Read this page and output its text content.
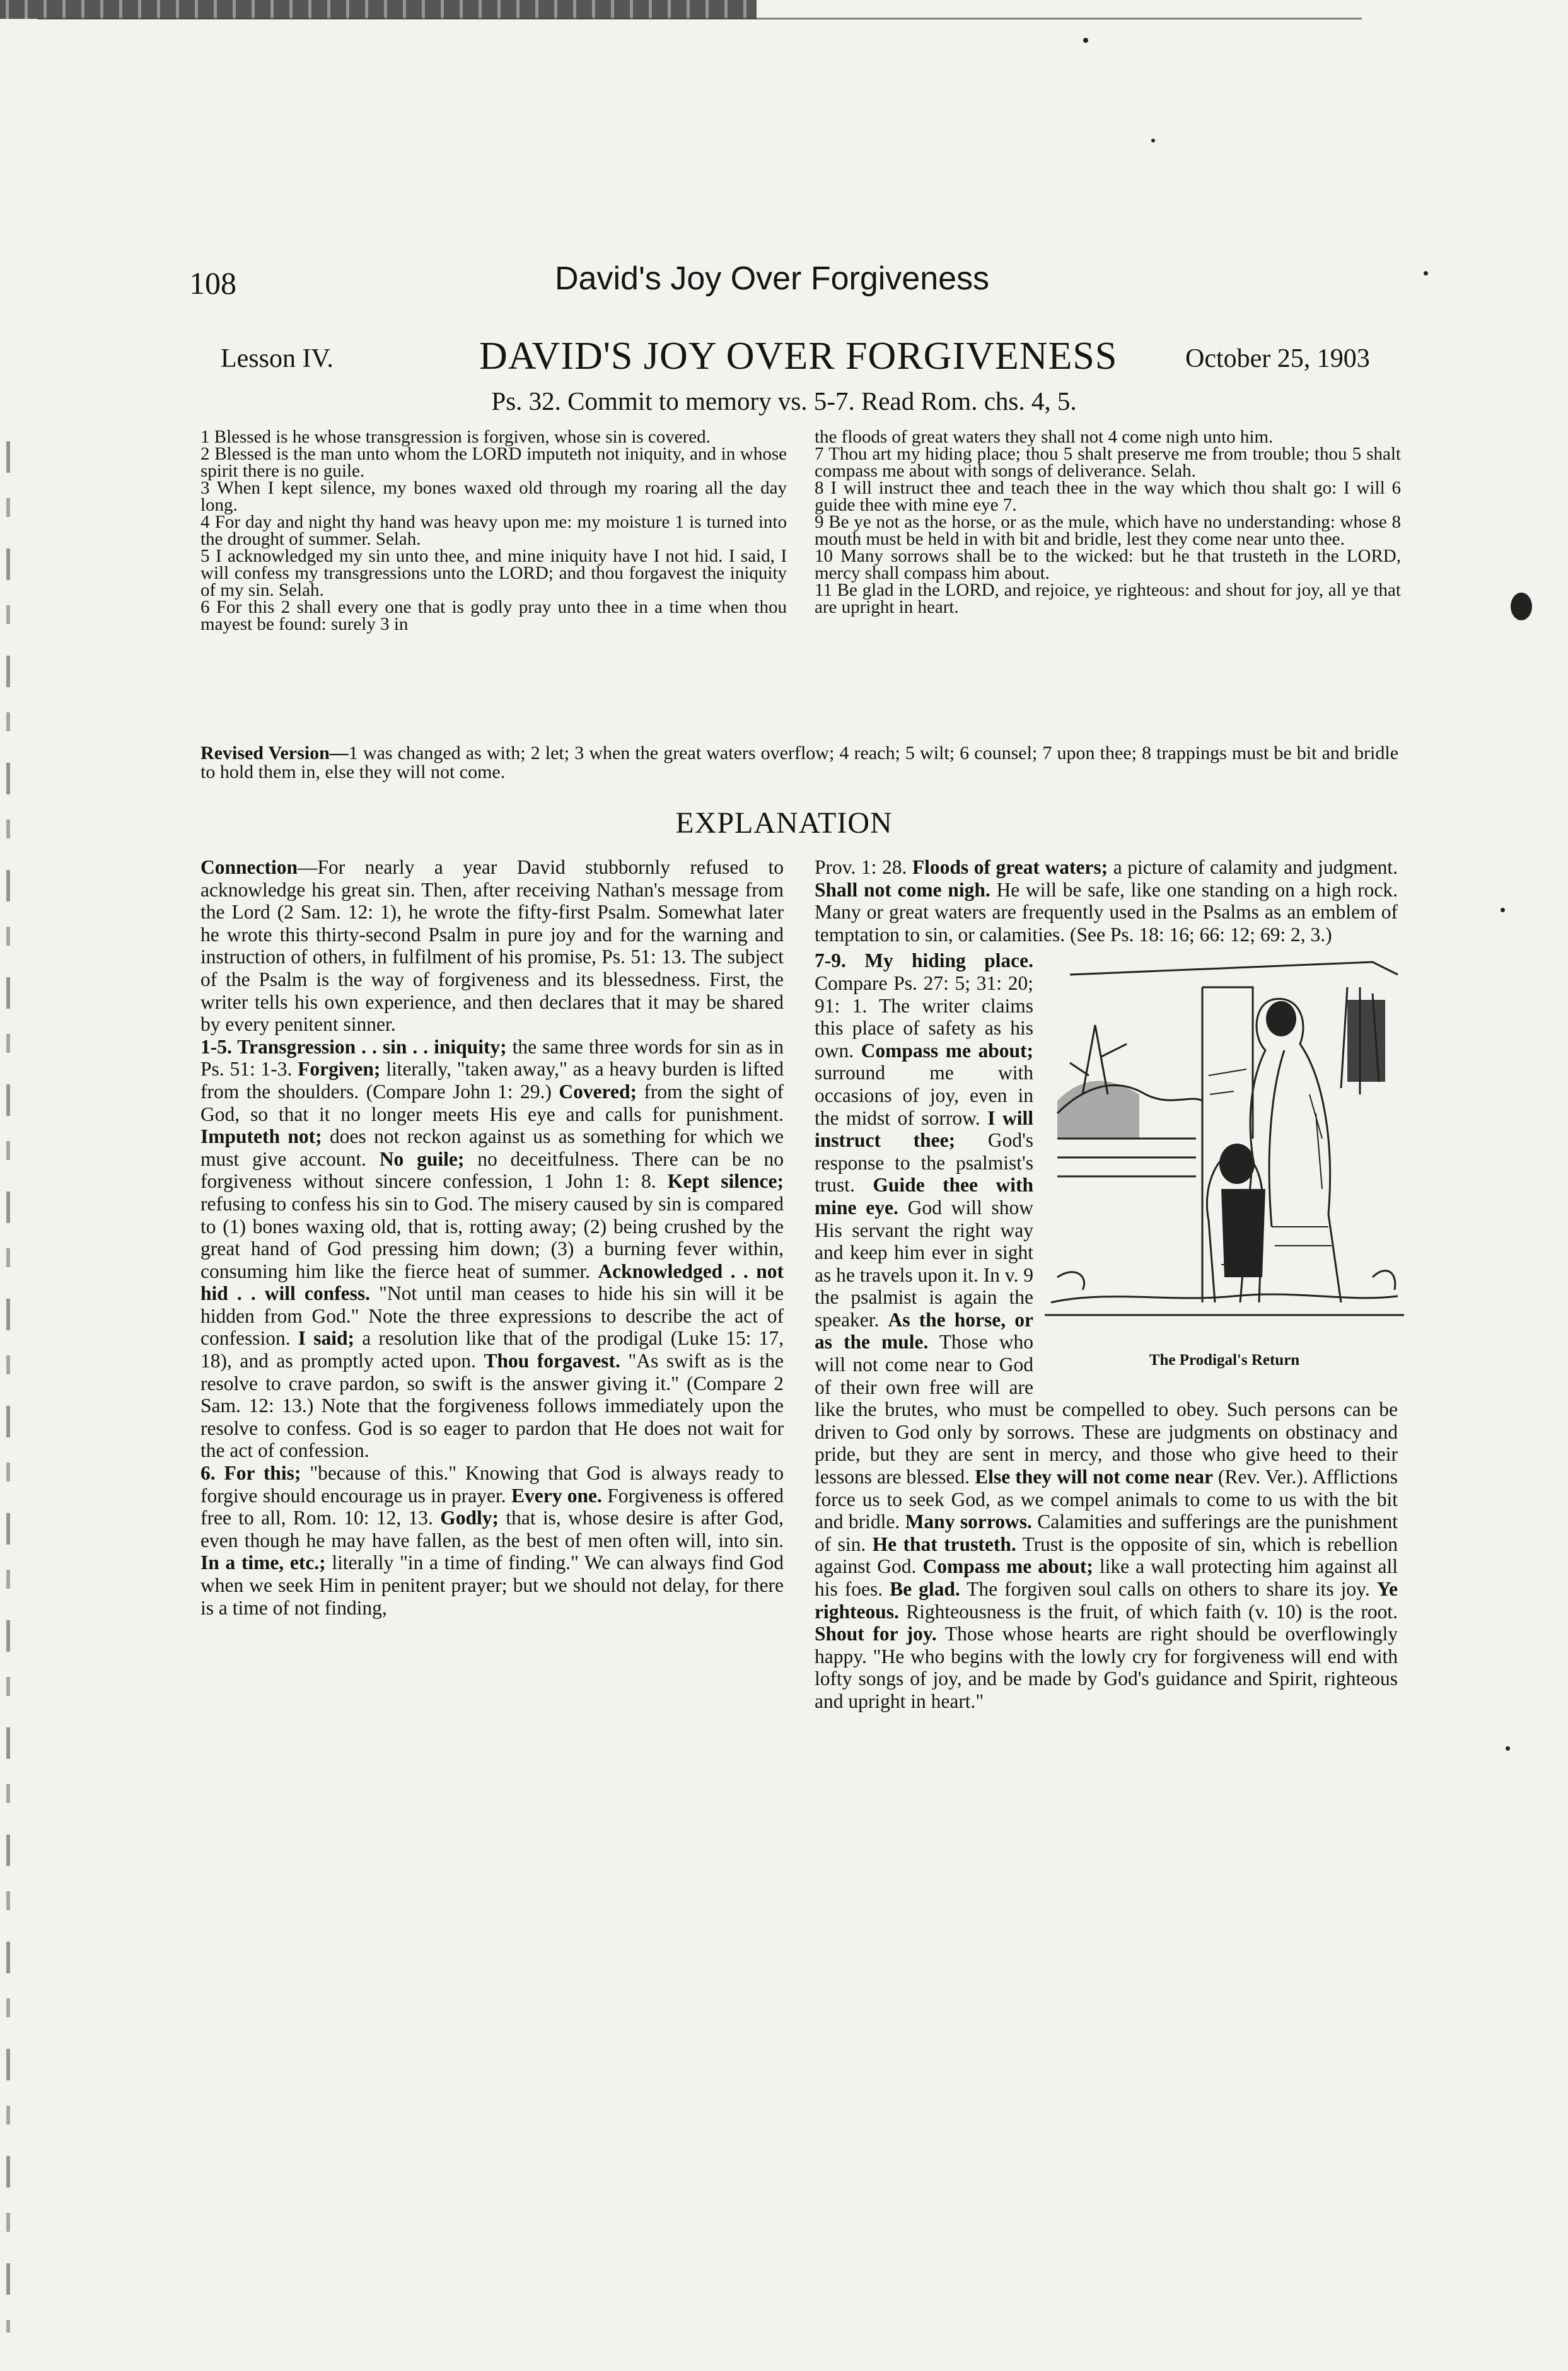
108	David's Joy Over Forgiveness
Lesson IV.	DAVID'S JOY OVER FORGIVENESS	October 25, 1903
Ps. 32. Commit to memory vs. 5-7. Read Rom. chs. 4, 5.

1 Blessed is he whose transgression is forgiven, whose sin is covered.

2 Blessed is the man unto whom the LORD imputeth not iniquity, and in whose spirit there is no guile.

3 When I kept silence, my bones waxed old through my roaring all the day long.

4 For day and night thy hand was heavy upon me: my moisture 1 is turned into the drought of summer. Selah.

5 I acknowledged my sin unto thee, and mine iniquity have I not hid. I said, I will confess my transgressions unto the LORD; and thou forgavest the iniquity of my sin. Selah.

6 For this 2 shall every one that is godly pray unto thee in a time when thou mayest be found: surely 3 in

the floods of great waters they shall not 4 come nigh unto him.

7 Thou art my hiding place; thou 5 shalt preserve me from trouble; thou 5 shalt compass me about with songs of deliverance. Selah.

8 I will instruct thee and teach thee in the way which thou shalt go: I will 6 guide thee with mine eye 7.

9 Be ye not as the horse, or as the mule, which have no understanding: whose 8 mouth must be held in with bit and bridle, lest they come near unto thee.

10 Many sorrows shall be to the wicked: but he that trusteth in the LORD, mercy shall compass him about.

11 Be glad in the LORD, and rejoice, ye righteous: and shout for joy, all ye that are upright in heart.

Revised Version—1 was changed as with; 2 let; 3 when the great waters overflow; 4 reach; 5 wilt; 6 counsel; 7 upon thee; 8 trappings must be bit and bridle to hold them in, else they will not come.
EXPLANATION

Connection—For nearly a year David stubbornly refused to acknowledge his great sin. Then, after receiving Nathan's message from the Lord (2 Sam. 12: 1), he wrote the fifty-first Psalm. Somewhat later he wrote this thirty-second Psalm in pure joy and for the warning and instruction of others, in fulfilment of his promise, Ps. 51: 13. The subject of the Psalm is the way of forgiveness and its blessedness. First, the writer tells his own experience, and then declares that it may be shared by every penitent sinner.

1-5. Transgression . . sin . . iniquity; the same three words for sin as in Ps. 51: 1-3. Forgiven; literally, "taken away," as a heavy burden is lifted from the shoulders. (Compare John 1: 29.) Covered; from the sight of God, so that it no longer meets His eye and calls for punishment. Imputeth not; does not reckon against us as something for which we must give account. No guile; no deceitfulness. There can be no forgiveness without sincere confession, 1 John 1: 8. Kept silence; refusing to confess his sin to God. The misery caused by sin is compared to (1) bones waxing old, that is, rotting away; (2) being crushed by the great hand of God pressing him down; (3) a burning fever within, consuming him like the fierce heat of summer. Acknowledged . . not hid . . will confess. "Not until man ceases to hide his sin will it be hidden from God." Note the three expressions to describe the act of confession. I said; a resolution like that of the prodigal (Luke 15: 17, 18), and as promptly acted upon. Thou forgavest. "As swift as is the resolve to crave pardon, so swift is the answer giving it." (Compare 2 Sam. 12: 13.) Note that the forgiveness follows immediately upon the resolve to confess. God is so eager to pardon that He does not wait for the act of confession.

6. For this; "because of this." Knowing that God is always ready to forgive should encourage us in prayer. Every one. Forgiveness is offered free to all, Rom. 10: 12, 13. Godly; that is, whose desire is after God, even though he may have fallen, as the best of men often will, into sin. In a time, etc.; literally "in a time of finding." We can always find God when we seek Him in penitent prayer; but we should not delay, for there is a time of not finding,

Prov. 1: 28. Floods of great waters; a picture of calamity and judgment. Shall not come nigh. He will be safe, like one standing on a high rock. Many or great waters are frequently used in the Psalms as an emblem of temptation to sin, or calamities. (See Ps. 18: 16; 66: 12; 69: 2, 3.)

The Prodigal's Return
7-9. My hiding place. Compare Ps. 27: 5; 31: 20; 91: 1. The writer claims this place of safety as his own. Compass me about; surround me with occasions of joy, even in the midst of sorrow. I will instruct thee; God's response to the psalmist's trust. Guide thee with mine eye. God will show His servant the right way and keep him ever in sight as he travels upon it. In v. 9 the psalmist is again the speaker. As the horse, or as the mule. Those who will not come near to God of their own free will are like the brutes, who must be compelled to obey. Such persons can be driven to God only by sorrows. These are judgments on obstinacy and pride, but they are sent in mercy, and those who give heed to their lessons are blessed. Else they will not come near (Rev. Ver.). Afflictions force us to seek God, as we compel animals to come to us with the bit and bridle. Many sorrows. Calamities and sufferings are the punishment of sin. He that trusteth. Trust is the opposite of sin, which is rebellion against God. Compass me about; like a wall protecting him against all his foes. Be glad. The forgiven soul calls on others to share its joy. Ye righteous. Righteousness is the fruit, of which faith (v. 10) is the root. Shout for joy. Those whose hearts are right should be overflowingly happy. "He who begins with the lowly cry for forgiveness will end with lofty songs of joy, and be made by God's guidance and Spirit, righteous and upright in heart."
